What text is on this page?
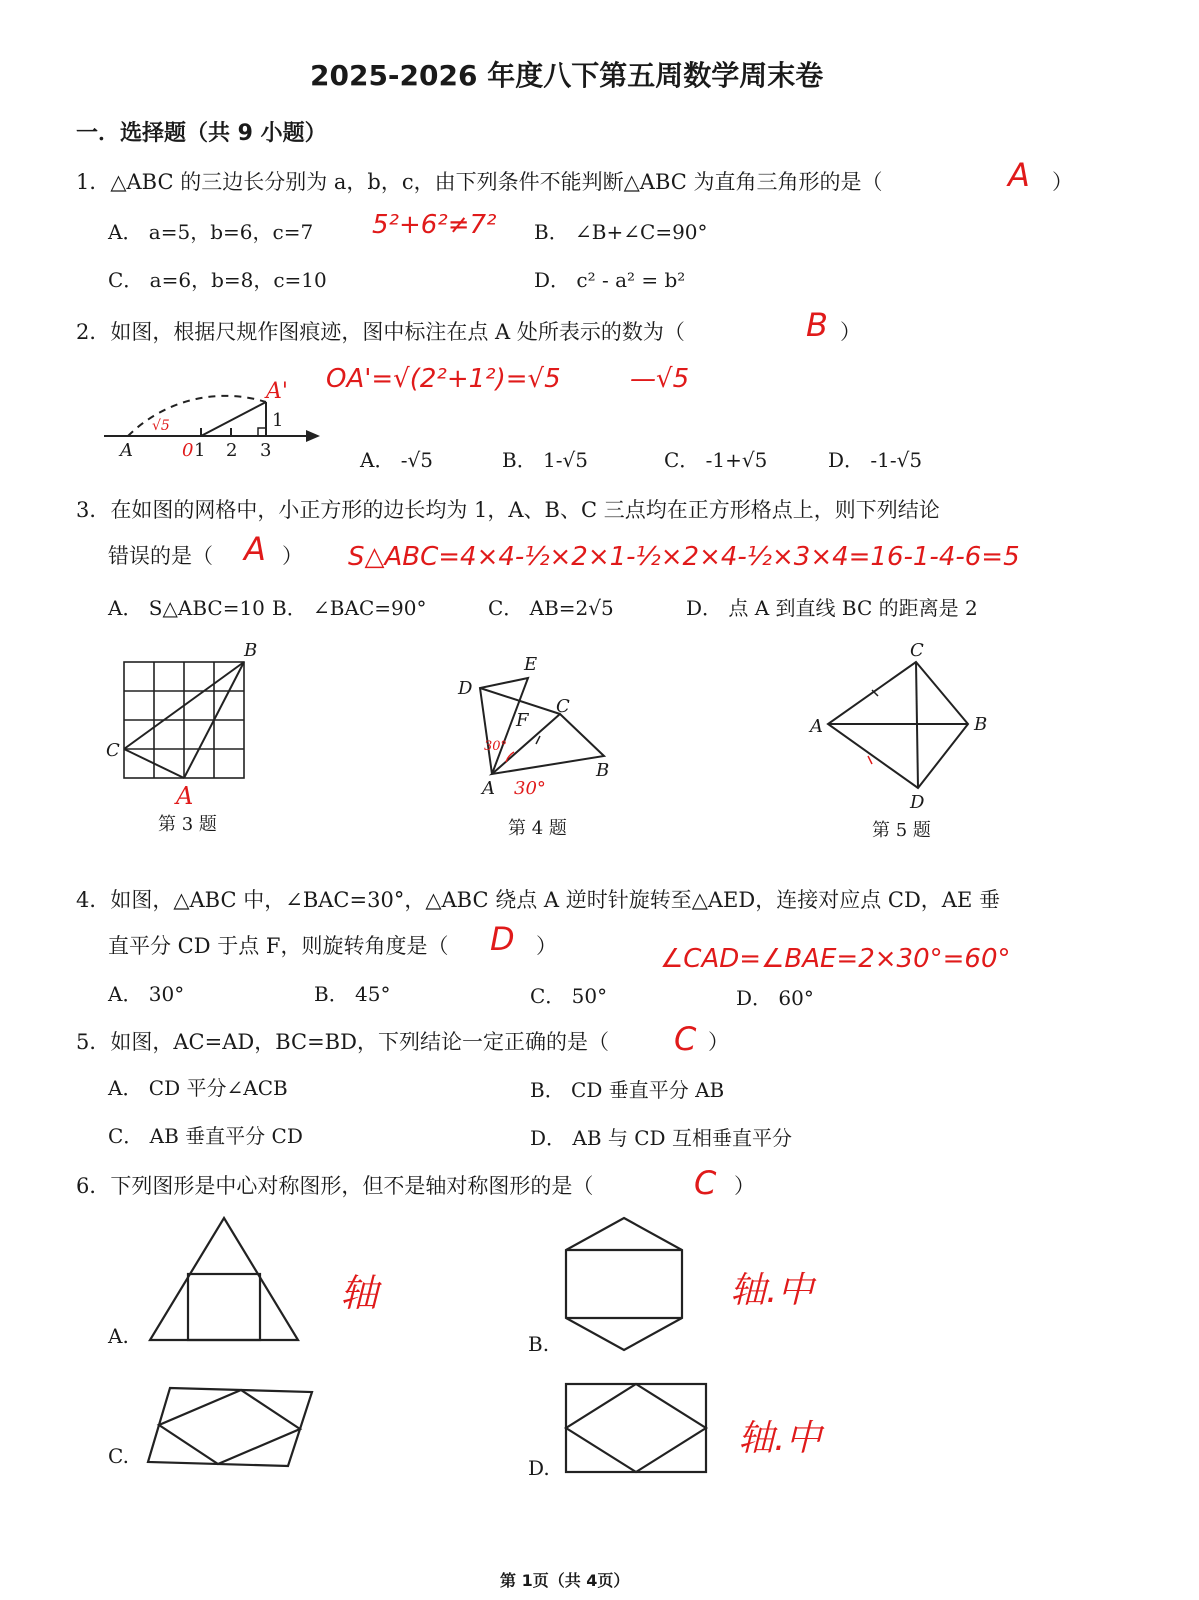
2025-2026 年度八下第五周数学周末卷
一．选择题（共 9 小题）
1．△ABC 的三边长分别为 a，b，c，由下列条件不能判断△ABC 为直角三角形的是（	A ）
A． a=5，b=6，c=7 5²+6²≠7² B． ∠B+∠C=90°
C． a=6，b=8，c=10	D． c² - a² = b²
2．如图，根据尺规作图痕迹，图中标注在点 A 处所表示的数为（	B ）
A	0 1 2 3
1
A'
√5
OA'=√(2²+1²)=√5	—√5
A． -√5	B． 1-√5	C． -1+√5	D． -1-√5
3．在如图的网格中，小正方形的边长均为 1，A、B、C 三点均在正方形格点上，则下列结论
错误的是（ A ） S△ABC=4×4-½×2×1-½×2×4-½×3×4=16-1-4-6=5
A． S△ABC=10 B． ∠BAC=90°	C． AB=2√5	D． 点 A 到直线 BC 的距离是 2
B
C
A
第 3 题
E
D
F
C
A
B
30°
30°
第 4 题
C
A	B
D
第 5 题
4．如图，△ABC 中，∠BAC=30°，△ABC 绕点 A 逆时针旋转至△AED，连接对应点 CD，AE 垂
直平分 CD 于点 F，则旋转角度是（ D ）	∠CAD=∠BAE=2×30°=60°
A． 30°	B． 45°	C． 50°	D． 60°
5．如图，AC=AD，BC=BD，下列结论一定正确的是（ C ）
A． CD 平分∠ACB	B． CD 垂直平分 AB
C． AB 垂直平分 CD	D． AB 与 CD 互相垂直平分
6．下列图形是中心对称图形，但不是轴对称图形的是（	C ）
A.
轴
B.
轴.中
C.	D.
轴.中
第 1页（共 4页）
